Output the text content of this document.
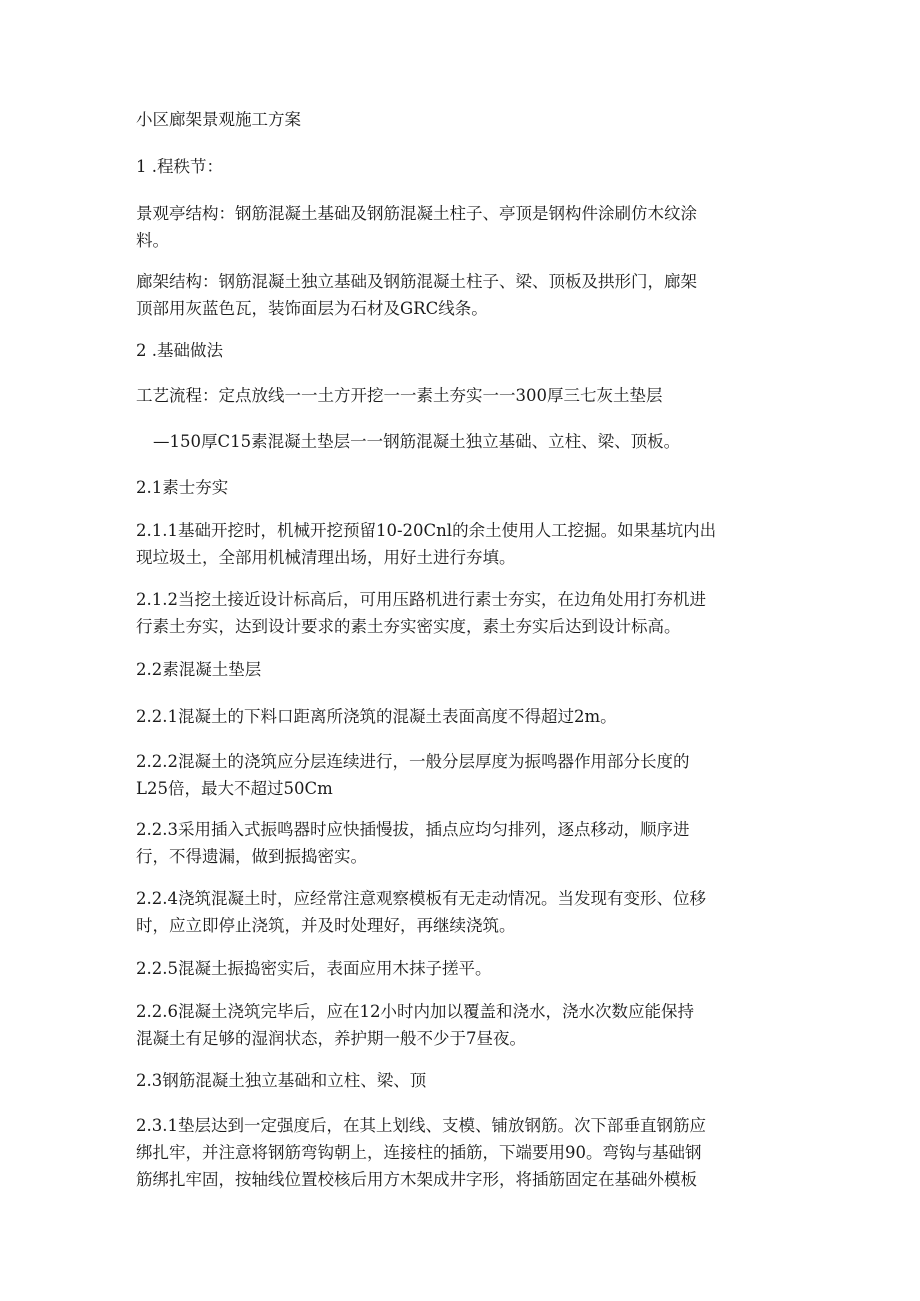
小区廊架景观施工方案
1 .程秩节：
景观亭结构：钢筋混凝土基础及钢筋混凝土柱子、亭顶是钢构件涂刷仿木纹涂
料。
廊架结构：钢筋混凝土独立基础及钢筋混凝土柱子、梁、顶板及拱形门，廊架
顶部用灰蓝色瓦，装饰面层为石材及GRC线条。
2 .基础做法
工艺流程：定点放线一一土方开挖一一素土夯实一一300厚三七灰土垫层
—150厚C15素混凝土垫层一一钢筋混凝土独立基础、立柱、梁、顶板。
2.1素士夯实
2.1.1基础开挖时，机械开挖预留10-20Cnl的余土使用人工挖掘。如果基坑内出
现垃圾土，全部用机械清理出场，用好土进行夯填。
2.1.2当挖土接近设计标高后，可用压路机进行素士夯实，在边角处用打夯机进
行素土夯实，达到设计要求的素土夯实密实度，素土夯实后达到设计标高。
2.2素混凝土垫层
2.2.1混凝土的下料口距离所浇筑的混凝土表面高度不得超过2m。
2.2.2混凝土的浇筑应分层连续进行，一般分层厚度为振鸣器作用部分长度的
L25倍，最大不超过50Cm
2.2.3采用插入式振鸣器时应快插慢拔，插点应均匀排列，逐点移动，顺序进
行，不得遗漏，做到振捣密实。
2.2.4浇筑混凝土时，应经常注意观察模板有无走动情况。当发现有变形、位移
时，应立即停止浇筑，并及时处理好，再继续浇筑。
2.2.5混凝土振捣密实后，表面应用木抹子搓平。
2.2.6混凝土浇筑完毕后，应在12小时内加以覆盖和浇水，浇水次数应能保持
混凝土有足够的湿润状态，养护期一般不少于7昼夜。
2.3钢筋混凝土独立基础和立柱、梁、顶
2.3.1垫层达到一定强度后，在其上划线、支模、铺放钢筋。次下部垂直钢筋应
绑扎牢，并注意将钢筋弯钩朝上，连接柱的插筋，下端要用90。弯钩与基础钢
筋绑扎牢固，按轴线位置校核后用方木架成井字形，将插筋固定在基础外模板
